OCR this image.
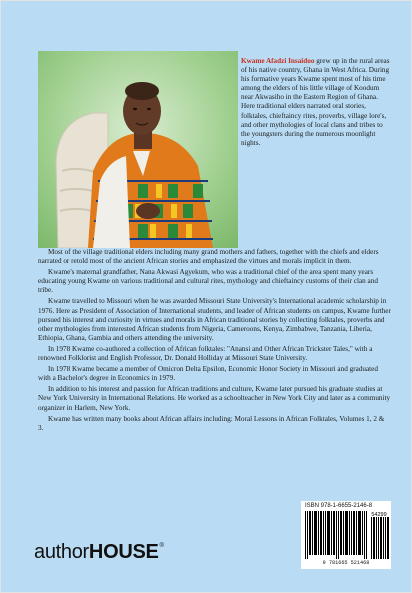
Kwame Afadzi Insaidoo grew up in the rural areas of his native country, Ghana in West Africa. During his formative years Kwame spent most of his time among the elders of his little village of Koodum near Akwasiho in the Eastern Region of Ghana. Here traditional elders narrated oral stories, folktales, chieftaincy rites, proverbs, village lore's, and other mythologies of local clans and tribes to the youngsters during the numerous moonlight nights.

Most of the village traditional elders including many grand mothers and fathers, together with the chiefs and elders narrated or retold most of the ancient African stories and emphasized the virtues and morals implicit in them.

Kwame's maternal grandfather, Nana Akwasi Agyekum, who was a traditional chief of the area spent many years educating young Kwame on various traditional and cultural rites, mythology and chieftaincy customs of their clan and tribe.

Kwame travelled to Missouri when he was awarded Missouri State University's International academic scholarship in 1976. Here as President of Association of International students, and leader of African students on campus, Kwame further pursued his interest and curiosity in virtues and morals in African traditional stories by collecting folktales, proverbs and other mythologies from interested African students from Nigeria, Cameroons, Kenya, Zimbabwe, Tanzania, Liberia, Ethiopia, Ghana, Gambia and others attending the university.

In 1978 Kwame co-authored a collection of African folktales: "Anansi and Other African Trickster Tales," with a renowned Folklorist and English Professor, Dr. Donald Holliday at Missouri State University.

In 1978 Kwame became a member of Omicron Delta Epsilon, Economic Honor Society in Missouri and graduated with a Bachelor's degree in Economics in 1979.

In addition to his interest and passion for African traditions and culture, Kwame later pursued his graduate studies at New York University in International Relations. He worked as a schoolteacher in New York City and later as a community organizer in Harlem, New York.

Kwame has written many books about African affairs including: Moral Lessons in African Folktales, Volumes 1, 2 & 3.

authorHOUSE®
ISBN 978-1-6655-2146-8
54299
9 781665 521468
